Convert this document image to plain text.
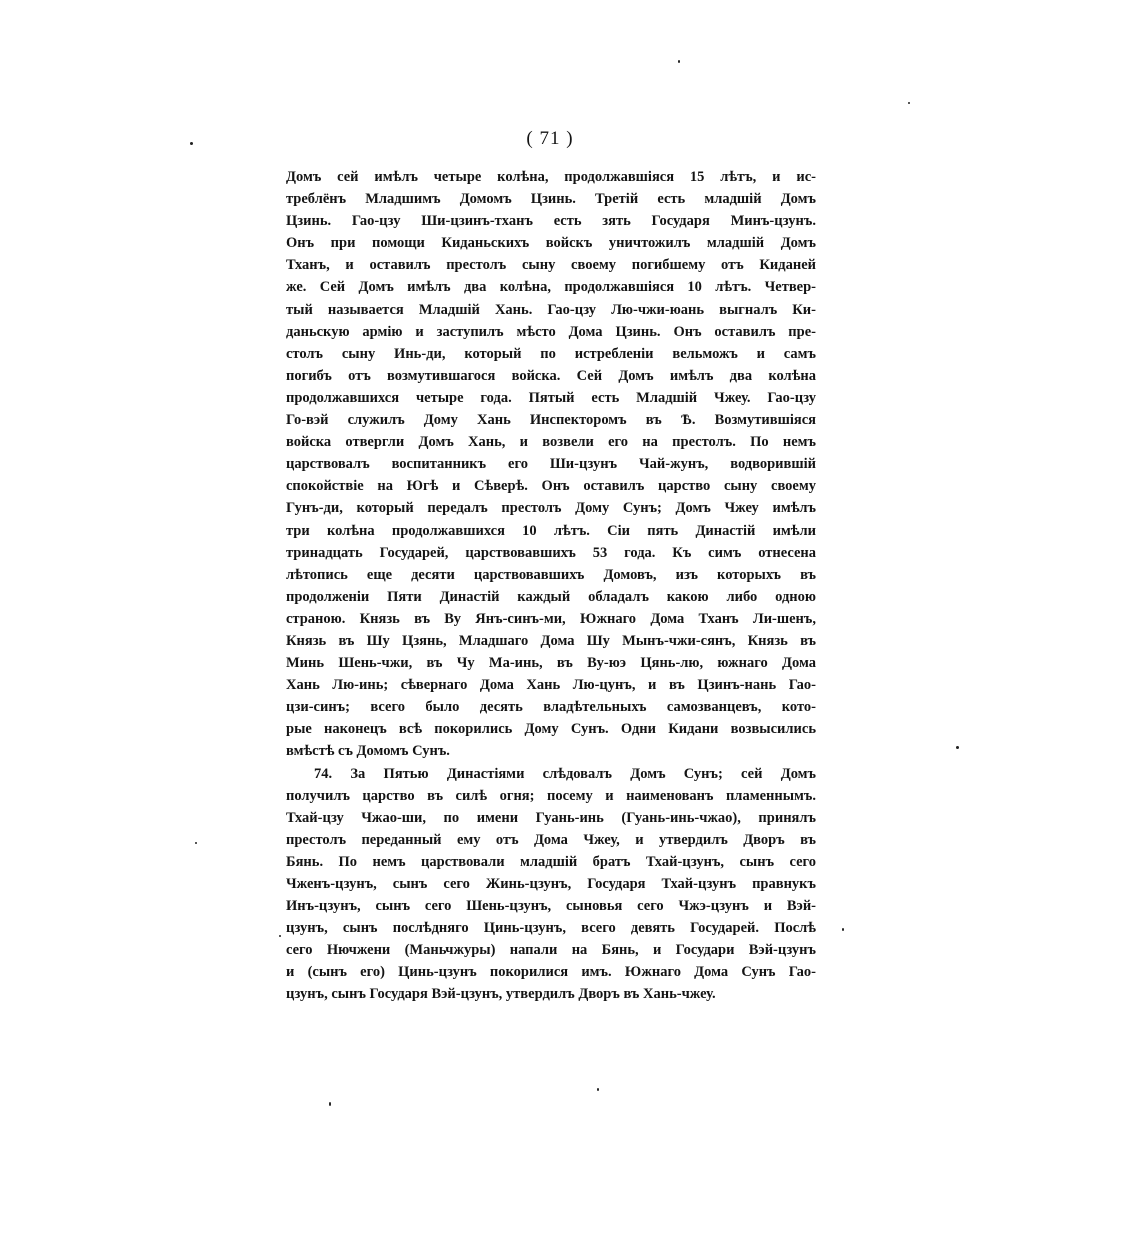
( 71 )
Домъ сей имѣлъ четыре колѣна, продолжавшіяся 15 лѣтъ, и ис-
треблёнъ Младшимъ Домомъ Цзинь. Третій есть младшій Домъ
Цзинь. Гао-цзу Ши-цзинъ-тханъ есть зять Государя Минъ-цзунъ.
Онъ при помощи Киданьскихъ войскъ уничтожилъ младшій Домъ
Тханъ, и оставилъ престолъ сыну своему погибшему отъ Киданей
же. Сей Домъ имѣлъ два колѣна, продолжавшіяся 10 лѣтъ. Четвер-
тый называется Младшій Хань. Гао-цзу Лю-чжи-юань выгналъ Ки-
даньскую армію и заступилъ мѣсто Дома Цзинь. Онъ оставилъ пре-
столъ сыну Инь-ди, который по истребленіи вельможъ и самъ
погибъ отъ возмутившагося войска. Сей Домъ имѣлъ два колѣна
продолжавшихся четыре года. Пятый есть Младшій Чжеу. Гао-цзу
Го-вэй служилъ Дому Хань Инспекторомъ въ Ѣ. Возмутившіяся
войска отвергли Домъ Хань, и возвели его на престолъ. По немъ
царствовалъ воспитанникъ его Ши-цзунъ Чай-жунъ, водворившій
спокойствіе на Югѣ и Сѣверѣ. Онъ оставилъ царство сыну своему
Гунъ-ди, который передалъ престолъ Дому Сунъ; Домъ Чжеу имѣлъ
три колѣна продолжавшихся 10 лѣтъ. Сіи пять Династій имѣли
тринадцать Государей, царствовавшихъ 53 года. Къ симъ отнесена
лѣтопись еще десяти царствовавшихъ Домовъ, изъ которыхъ въ
продолженіи Пяти Династій каждый обладалъ какою либо одною
страною. Князь въ Ву Янъ-синъ-ми, Южнаго Дома Тханъ Ли-шенъ,
Князь въ Шу Цзянь, Младшаго Дома Шу Мынъ-чжи-сянъ, Князь въ
Минь Шень-чжи, въ Чу Ма-инь, въ Ву-юэ Цянь-лю, южнаго Дома
Хань Лю-инь; сѣвернаго Дома Хань Лю-цунъ, и въ Цзинъ-нань Гао-
цзи-синъ; всего было десять владѣтельныхъ самозванцевъ, кото-
рые наконецъ всѣ покорились Дому Сунъ. Одни Кидани возвысились
вмѣстѣ съ Домомъ Сунъ.
74. За Пятью Династіями слѣдовалъ Домъ Сунъ; сей Домъ
получилъ царство въ силѣ огня; посему и наименованъ пламеннымъ.
Тхай-цзу Чжао-ши, по имени Гуань-инь (Гуань-инь-чжао), принялъ
престолъ переданный ему отъ Дома Чжеу, и утвердилъ Дворъ въ
Бянь. По немъ царствовали младшій братъ Тхай-цзунъ, сынъ сего
Чженъ-цзунъ, сынъ сего Жинь-цзунъ, Государя Тхай-цзунъ правнукъ
Инъ-цзунъ, сынъ сего Шень-цзунъ, сыновья сего Чжэ-цзунъ и Вэй-
цзунъ, сынъ послѣдняго Цинь-цзунъ, всего девять Государей. Послѣ
сего Нючжени (Маньчжуры) напали на Бянь, и Государи Вэй-цзунъ
и (сынъ его) Цинь-цзунъ покорилися имъ. Южнаго Дома Сунъ Гао-
цзунъ, сынъ Государя Вэй-цзунъ, утвердилъ Дворъ въ Хань-чжеу.
